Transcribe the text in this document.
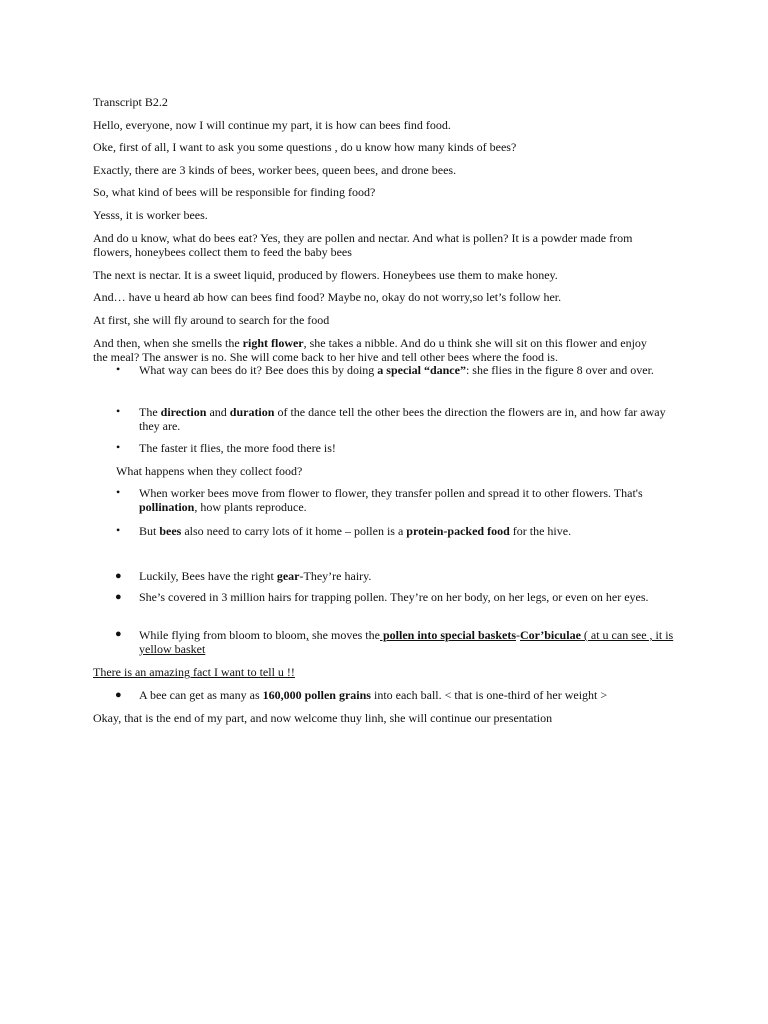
Transcript B2.2
Hello, everyone, now I will continue my part, it is how can bees find food.
Oke, first of all, I want to ask you some questions , do u know how many kinds of bees?
Exactly, there are 3 kinds of bees, worker bees, queen bees, and drone bees.
So, what kind of bees will be responsible for finding food?
Yesss, it is worker bees.
And do u know, what do bees eat? Yes, they are pollen and nectar. And what is pollen? It is a powder made from flowers, honeybees collect them to feed the baby bees
The next is nectar. It is a sweet liquid, produced by flowers. Honeybees use them to make honey.
And… have u heard ab how can bees find food? Maybe no, okay do not worry,so let’s follow her.
At first, she will fly around to search for the food
And then, when she smells the right flower, she takes a nibble. And do u think she will sit on this flower and enjoy the meal? The answer is no. She will come back to her hive and tell other bees where the food is.
• What way can bees do it? Bee does this by doing a special “dance”: she flies in the figure 8 over and over.
• The direction and duration of the dance tell the other bees the direction the flowers are in, and how far away they are.
• The faster it flies, the more food there is!
What happens when they collect food?
• When worker bees move from flower to flower, they transfer pollen and spread it to other flowers. That's pollination, how plants reproduce.
• But bees also need to carry lots of it home – pollen is a protein-packed food for the hive.
● Luckily, Bees have the right gear-They’re hairy.
● She’s covered in 3 million hairs for trapping pollen. They’re on her body, on her legs, or even on her eyes.
● While flying from bloom to bloom, she moves the pollen into special baskets-Cor’biculae ( at u can see , it is yellow basket
There is an amazing fact I want to tell u !!
● A bee can get as many as 160,000 pollen grains into each ball. < that is one-third of her weight >
Okay, that is the end of my part, and now welcome thuy linh, she will continue our presentation
